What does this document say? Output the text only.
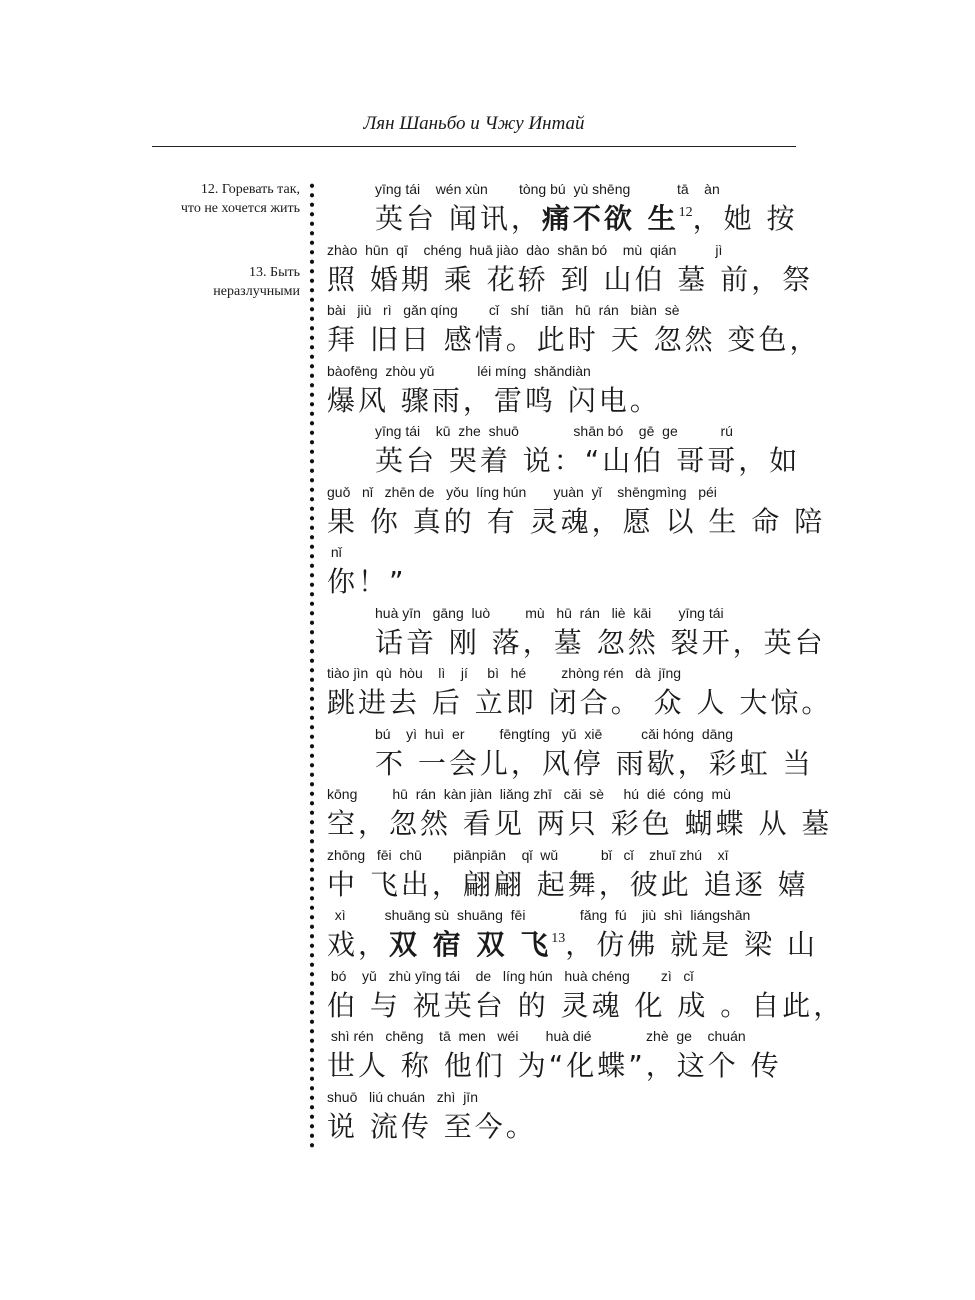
Лян Шаньбо и Чжу Интай
12. Горевать так,
что не хочется жить
13. Быть
неразлучными
yīng tái    wén xùn        tòng bú  yù shēng            tā    àn
英台 闻讯，痛不欲 生$^{12}$，她 按
zhào  hūn  qī    chéng  huā jiào  dào  shān bó    mù  qián          jì
照 婚期 乘 花轿 到 山伯 墓 前，祭
bài   jiù   rì   gǎn qíng        cǐ   shí   tiān   hū  rán   biàn  sè
拜 旧日 感情。此时 天 忽然 变色，
bàofēng  zhòu yǔ           léi míng  shǎndiàn
爆风 骤雨，雷鸣 闪电。
yīng tái    kū  zhe  shuō              shān bó    gē  ge           rú
英台 哭着 说：“山伯 哥哥，如
guǒ   nǐ   zhēn de   yǒu  líng hún       yuàn  yǐ    shēngmìng   péi
果 你 真的 有 灵魂，愿 以 生 命 陪
nǐ
你！”
huà yīn   gāng  luò         mù   hū  rán   liè  kāi       yīng tái
话音 刚 落，墓 忽然 裂开，英台
tiào jìn  qù  hòu    lì    jí     bì   hé         zhòng rén   dà  jīng
跳进去 后 立即 闭合。 众 人 大惊。
bú    yì  huì  er         fēngtíng   yǔ  xiē          cǎi hóng  dāng
不 一会儿，风停 雨歇，彩虹 当
kōng         hū  rán  kàn jiàn  liǎng zhī   cǎi  sè     hú  dié  cóng  mù
空，忽然 看见 两只 彩色 蝴蝶 从 墓
zhōng   fēi  chū        piānpiān    qǐ  wǔ           bǐ   cǐ    zhuī zhú    xī
中 飞出，翩翩 起舞，彼此 追逐 嬉
xì          shuāng sù  shuāng  fēi              fǎng  fú    jiù  shì  liángshān
戏，双 宿 双 飞$^{13}$，仿佛 就是 梁 山
bó    yǔ   zhù yīng tái    de   líng hún   huà chéng        zì   cǐ
伯 与 祝英台 的 灵魂 化 成 。自此，
shì rén   chēng    tā  men   wéi       huà dié              zhè  ge    chuán
世人 称 他们 为“化蝶”，这个 传
shuō   liú chuán   zhì  jīn
说 流传 至今。
